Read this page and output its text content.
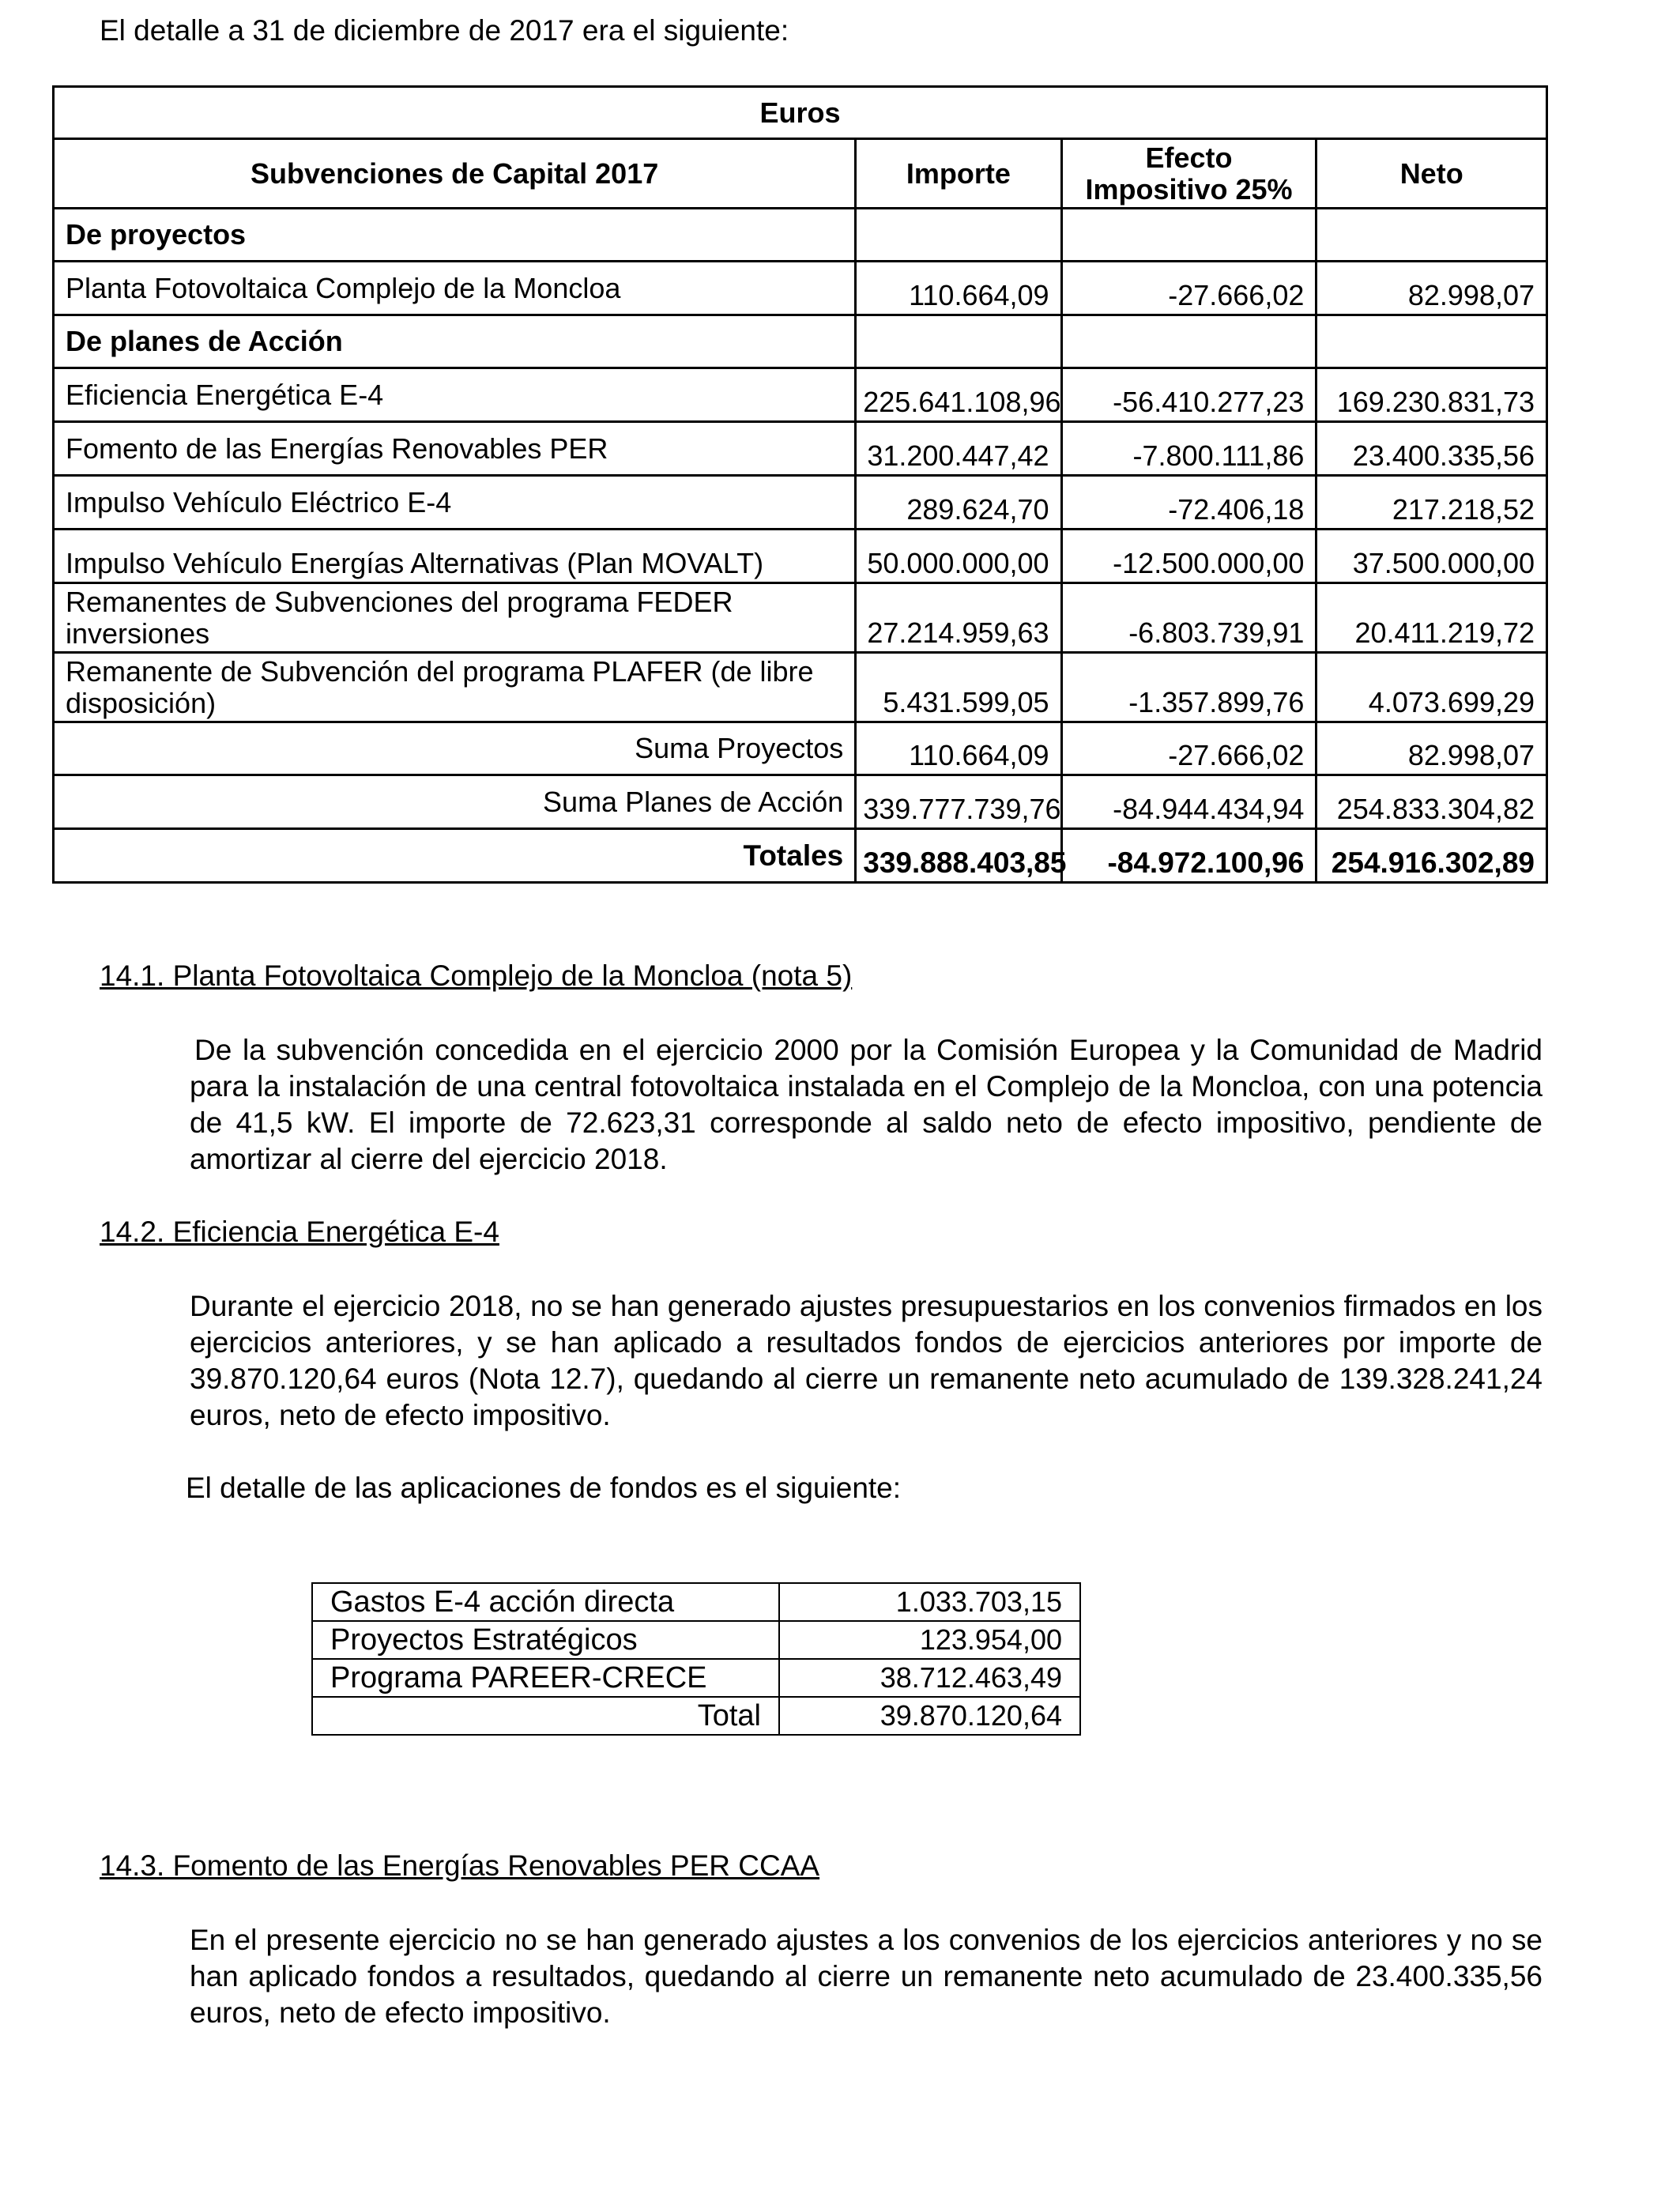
El detalle a 31 de diciembre de 2017 era el siguiente:
Euros			
Subvenciones de Capital 2017	Importe	Efecto Impositivo 25%	Neto
De proyectos			
Planta Fotovoltaica Complejo de la Moncloa	110.664,09	-27.666,02	82.998,07
De planes de Acción			
Eficiencia Energética E-4	225.641.108,96	-56.410.277,23	169.230.831,73
Fomento de las Energías Renovables PER	31.200.447,42	-7.800.111,86	23.400.335,56
Impulso Vehículo Eléctrico E-4	289.624,70	-72.406,18	217.218,52
Impulso Vehículo Energías Alternativas (Plan MOVALT)	50.000.000,00	-12.500.000,00	37.500.000,00
Remanentes de Subvenciones del programa FEDER inversiones	27.214.959,63	-6.803.739,91	20.411.219,72
Remanente de Subvención del programa PLAFER (de libre disposición)	5.431.599,05	-1.357.899,76	4.073.699,29
Suma Proyectos	110.664,09	-27.666,02	82.998,07
Suma Planes de Acción	339.777.739,76	-84.944.434,94	254.833.304,82
Totales	339.888.403,85	-84.972.100,96	254.916.302,89
14.1. Planta Fotovoltaica Complejo de la Moncloa (nota 5)

De la subvención concedida en el ejercicio 2000 por la Comisión Europea y la Comunidad de Madrid para la instalación de una central fotovoltaica instalada en el Complejo de la Moncloa, con una potencia de 41,5 kW. El importe de 72.623,31 corresponde al saldo neto de efecto impositivo, pendiente de amortizar al cierre del ejercicio 2018.

14.2. Eficiencia Energética E-4

Durante el ejercicio 2018, no se han generado ajustes presupuestarios en los convenios firmados en los ejercicios anteriores, y se han aplicado a resultados fondos de ejercicios anteriores por importe de 39.870.120,64 euros (Nota 12.7), quedando al cierre un remanente neto acumulado de 139.328.241,24 euros, neto de efecto impositivo.

El detalle de las aplicaciones de fondos es el siguiente:
Gastos E-4 acción directa	1.033.703,15
Proyectos Estratégicos	123.954,00
Programa PAREER-CRECE	38.712.463,49
Total	39.870.120,64
14.3. Fomento de las Energías Renovables PER CCAA

En el presente ejercicio no se han generado ajustes a los convenios de los ejercicios anteriores y no se han aplicado fondos a resultados, quedando al cierre un remanente neto acumulado de 23.400.335,56 euros, neto de efecto impositivo.
